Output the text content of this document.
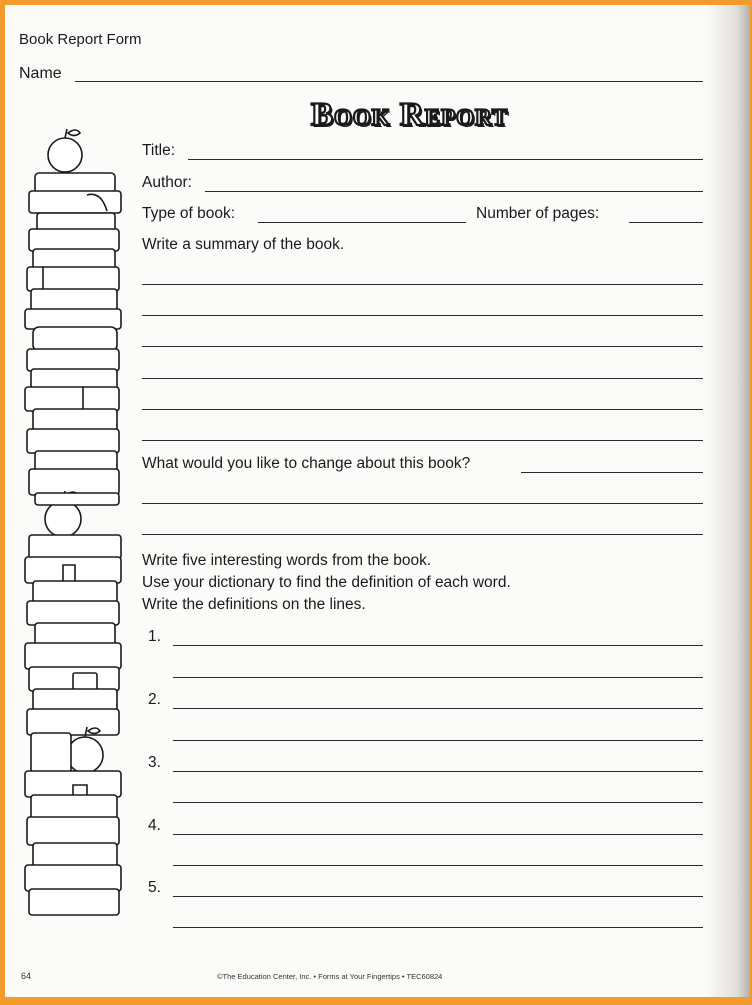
Book Report Form
Name
Book Report
Title:
Author:
Type of book:	Number of pages:
Write a summary of the book.
What would you like to change about this book?
Write five interesting words from the book.
Use your dictionary to find the definition of each word.
Write the definitions on the lines.
1.
2.
3.
4.
5.
64	©The Education Center, Inc. • Forms at Your Fingertips • TEC60824
